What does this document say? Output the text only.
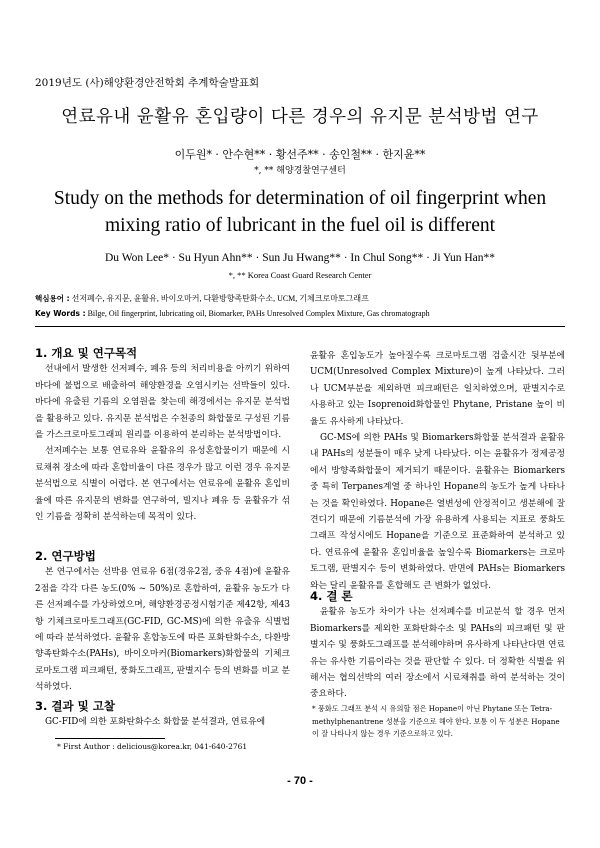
2019년도 (사)해양환경안전학회 추계학술발표회
연료유내 윤활유 혼입량이 다른 경우의 유지문 분석방법 연구
이두원* · 안수현** · 황선주** · 송인철** · 한지윤**
*, ** 해양경찰연구센터
Study on the methods for determination of oil fingerprint when mixing ratio of lubricant in the fuel oil is different
Du Won Lee* · Su Hyun Ahn** · Sun Ju Hwang** · In Chul Song** · Ji Yun Han**
*, ** Korea Coast Guard Research Center
핵심용어 : 선저폐수, 유지문, 윤활유, 바이오마커, 다환방향족탄화수소, UCM, 기체크로마토그래프
Key Words : Bilge, Oil fingerprint, lubricating oil, Biomarker, PAHs Unresolved Complex Mixture, Gas chromatograph
1. 개요 및 연구목적

선내에서 발생한 선저폐수, 폐유 등의 처리비용을 아끼기 위하여 바다에 불법으로 배출하여 해양환경을 오염시키는 선박들이 있다. 바다에 유출된 기름의 오염원을 찾는데 해경에서는 유지문 분석법을 활용하고 있다. 유지문 분석법은 수천종의 화합물로 구성된 기름을 가스크로마토그래피 원리를 이용하여 분리하는 분석방법이다.

선저폐수는 보통 연료유와 윤활유의 유성혼합물이기 때문에 시료채취 장소에 따라 혼합비율이 다른 경우가 많고 이런 경우 유지문 분석법으로 식별이 어렵다. 본 연구에서는 연료유에 윤활유 혼입비율에 따른 유지문의 변화를 연구하여, 빌지나 폐유 등 윤활유가 섞인 기름을 정확히 분석하는데 목적이 있다.

2. 연구방법

본 연구에서는 선박용 연료유 6점(경유2점, 중유 4점)에 윤활유 2점을 각각 다른 농도(0% ~ 50%)로 혼합하여, 윤활유 농도가 다른 선저폐수를 가상하였으며, 해양환경공정시험기준 제42항, 제43항 기체크로마토그래프(GC-FID, GC-MS)에 의한 유출유 식별법에 따라 분석하였다. 윤활유 혼합농도에 따른 포화탄화수소, 다환방향족탄화수소(PAHs), 바이오마커(Biomarkers)화합물의 기체크로마토그램 피크패턴, 풍화도그래프, 판별지수 등의 변화를 비교 분석하였다.

3. 결과 및 고찰

GC-FID에 의한 포화탄화수소 화합물 분석결과, 연료유에

윤활유 혼입농도가 높아질수록 크로마토그램 검출시간 뒷부분에 UCM(Unresolved Complex Mixture)이 높게 나타났다. 그러나 UCM부분을 제외하면 피크패턴은 일치하였으며, 판별지수로 사용하고 있는 Isoprenoid화합물인 Phytane, Pristane 높이 비율도 유사하게 나타났다.

GC-MS에 의한 PAHs 및 Biomarkers화합물 분석결과 윤활유내 PAHs의 성분들이 매우 낮게 나타났다. 이는 윤활유가 정제공정에서 방향족화합물이 제거되기 때문이다. 윤활유는 Biomarkers 중 특히 Terpanes계열 중 하나인 Hopane의 농도가 높게 나타나는 것을 확인하였다. Hopane은 열변성에 안정적이고 생분해에 잘 견디기 때문에 기름분석에 가장 유용하게 사용되는 지표로 풍화도그래프 작성시에도 Hopane을 기준으로 표준화하여 분석하고 있다. 연료유에 윤활유 혼입비율을 높일수록 Biomarkers는 크로마토그램, 판별지수 등이 변화하였다. 반면에 PAHs는 Biomarkers와는 달리 윤활유를 혼합해도 큰 변화가 없었다.

4. 결 론

윤활유 농도가 차이가 나는 선저폐수를 비교분석 할 경우 먼저 Biomarkers를 제외한 포화탄화수소 및 PAHs의 피크패턴 및 판별지수 및 풍화도그래프를 분석해야하며 유사하게 나타난다면 연료유는 유사한 기름이라는 것을 판단할 수 있다. 더 정확한 식별을 위해서는 협의선박의 여러 장소에서 시료채취를 하여 분석하는 것이 중요하다.

* 풍화도 그래프 분석 시 유의할 점은 Hopane이 아닌 Phytane 또는 Tetra-methylphenantrene 성분을 기준으로 해야 한다. 보통 이 두 성분은 Hopane이 잘 나타나지 않는 경우 기준으로하고 있다.
* First Author : delicious@korea.kr, 041-640-2761
- 70 -
